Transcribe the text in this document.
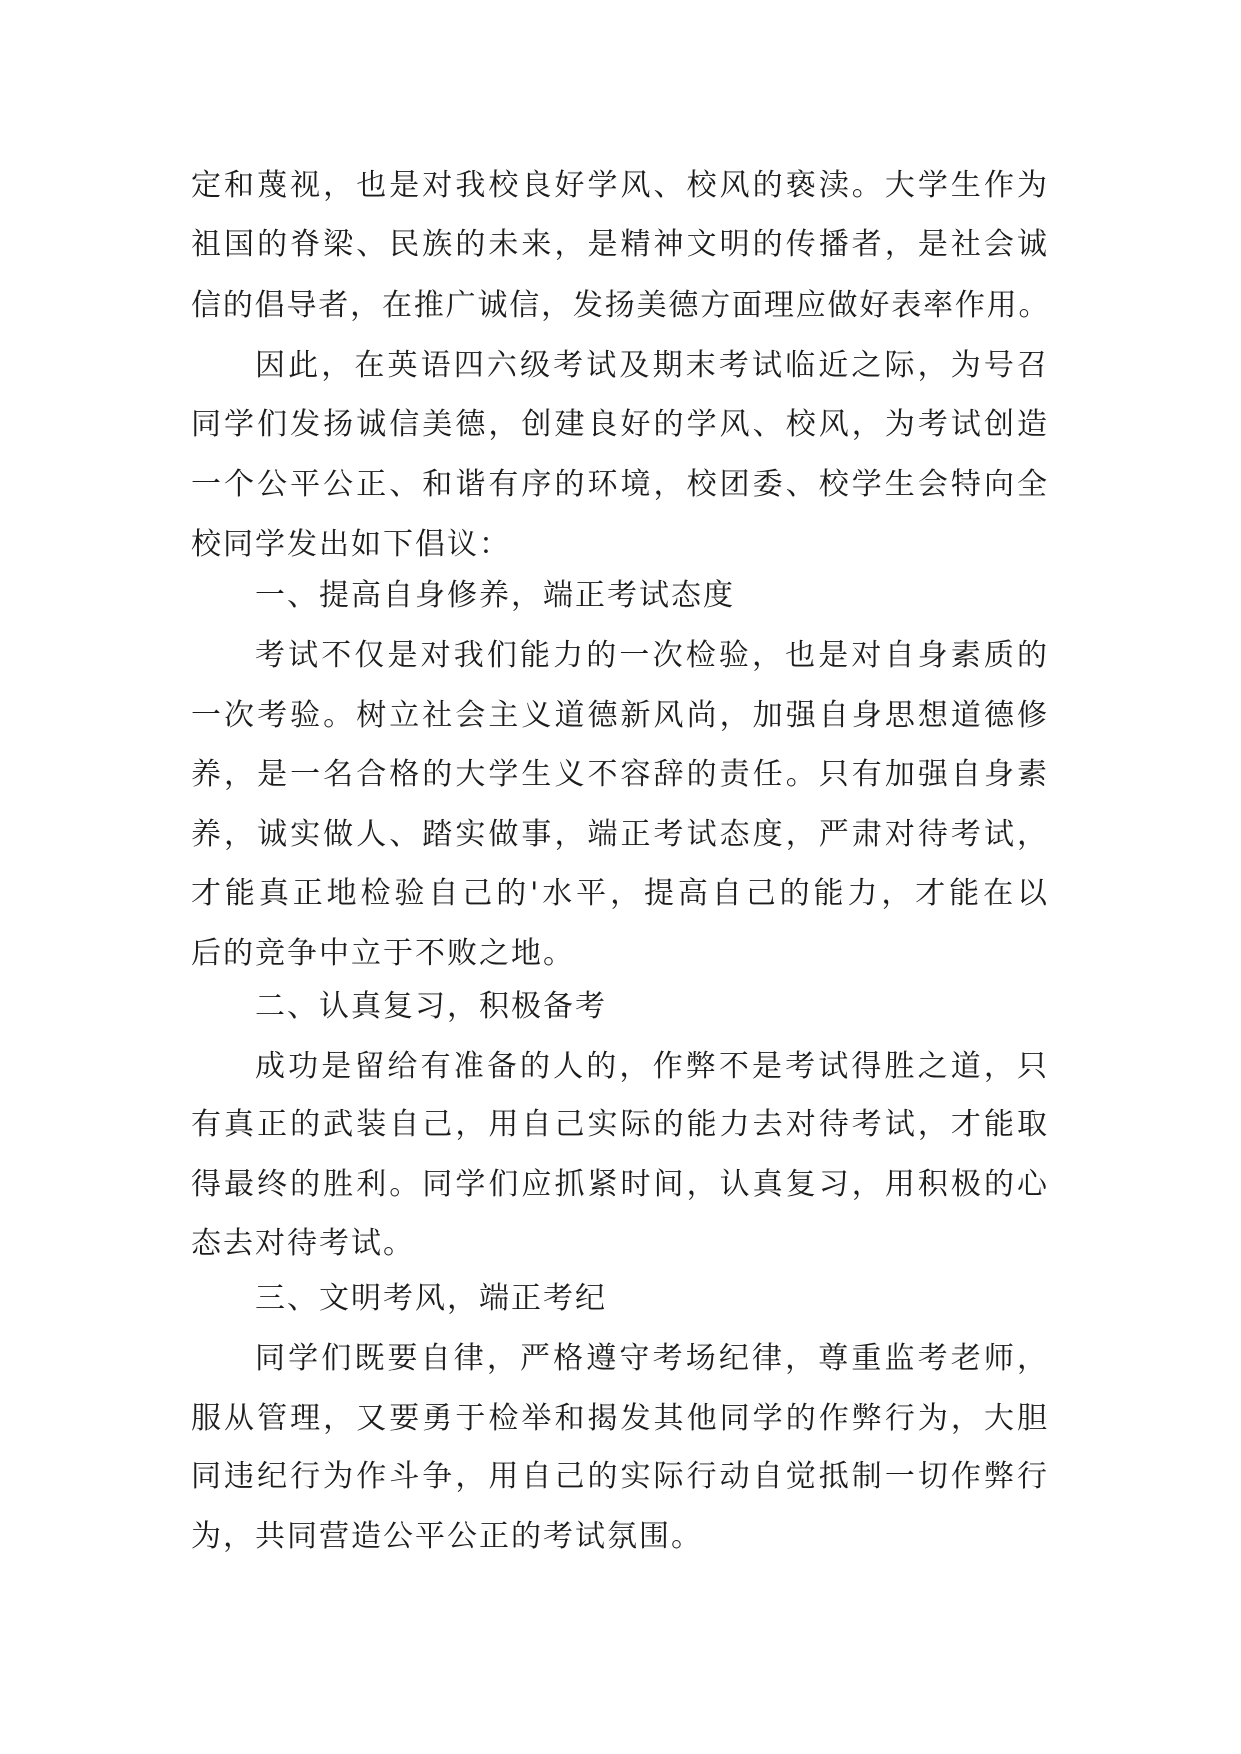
定和蔑视，也是对我校良好学风、校风的亵渎。大学生作为
祖国的脊梁、民族的未来，是精神文明的传播者，是社会诚
信的倡导者，在推广诚信，发扬美德方面理应做好表率作用。
因此，在英语四六级考试及期末考试临近之际，为号召
同学们发扬诚信美德，创建良好的学风、校风，为考试创造
一个公平公正、和谐有序的环境，校团委、校学生会特向全
校同学发出如下倡议：
一、提高自身修养，端正考试态度
考试不仅是对我们能力的一次检验，也是对自身素质的
一次考验。树立社会主义道德新风尚，加强自身思想道德修
养，是一名合格的大学生义不容辞的责任。只有加强自身素
养，诚实做人、踏实做事，端正考试态度，严肃对待考试，
才能真正地检验自己的'水平，提高自己的能力，才能在以
后的竞争中立于不败之地。
二、认真复习，积极备考
成功是留给有准备的人的，作弊不是考试得胜之道，只
有真正的武装自己，用自己实际的能力去对待考试，才能取
得最终的胜利。同学们应抓紧时间，认真复习，用积极的心
态去对待考试。
三、文明考风，端正考纪
同学们既要自律，严格遵守考场纪律，尊重监考老师，
服从管理，又要勇于检举和揭发其他同学的作弊行为，大胆
同违纪行为作斗争，用自己的实际行动自觉抵制一切作弊行
为，共同营造公平公正的考试氛围。
